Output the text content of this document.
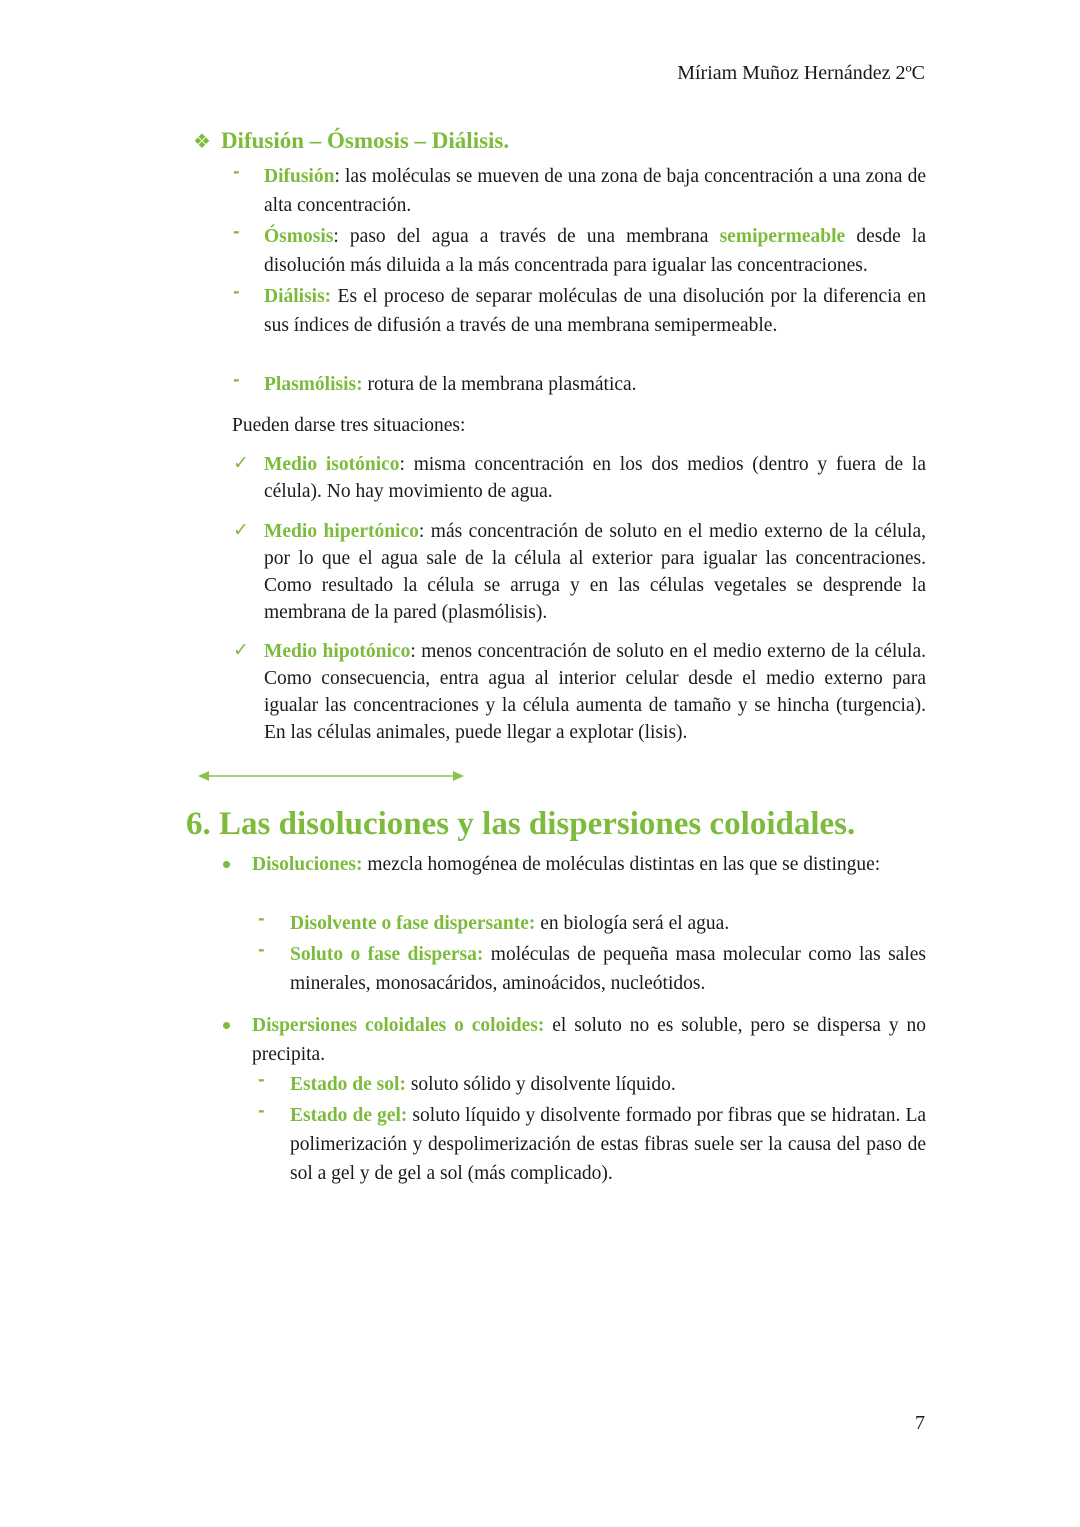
Míriam Muñoz Hernández 2ºC
❖ Difusión – Ósmosis – Diálisis.
- Difusión: las moléculas se mueven de una zona de baja concentración a una zona de alta concentración.
- Ósmosis: paso del agua a través de una membrana semipermeable desde la disolución más diluida a la más concentrada para igualar las concentraciones.
- Diálisis: Es el proceso de separar moléculas de una disolución por la diferencia en sus índices de difusión a través de una membrana semipermeable.
- Plasmólisis: rotura de la membrana plasmática.
Pueden darse tres situaciones:
✓ Medio isotónico: misma concentración en los dos medios (dentro y fuera de la célula). No hay movimiento de agua.
✓ Medio hipertónico: más concentración de soluto en el medio externo de la célula, por lo que el agua sale de la célula al exterior para igualar las concentraciones. Como resultado la célula se arruga y en las células vegetales se desprende la membrana de la pared (plasmólisis).
✓ Medio hipotónico: menos concentración de soluto en el medio externo de la célula. Como consecuencia, entra agua al interior celular desde el medio externo para igualar las concentraciones y la célula aumenta de tamaño y se hincha (turgencia). En las células animales, puede llegar a explotar (lisis).
6. Las disoluciones y las dispersiones coloidales.
Disoluciones: mezcla homogénea de moléculas distintas en las que se distingue:
- Disolvente o fase dispersante: en biología será el agua.
- Soluto o fase dispersa: moléculas de pequeña masa molecular como las sales minerales, monosacáridos, aminoácidos, nucleótidos.
Dispersiones coloidales o coloides: el soluto no es soluble, pero se dispersa y no precipita.
- Estado de sol: soluto sólido y disolvente líquido.
- Estado de gel: soluto líquido y disolvente formado por fibras que se hidratan. La polimerización y despolimerización de estas fibras suele ser la causa del paso de sol a gel y de gel a sol (más complicado).
7
